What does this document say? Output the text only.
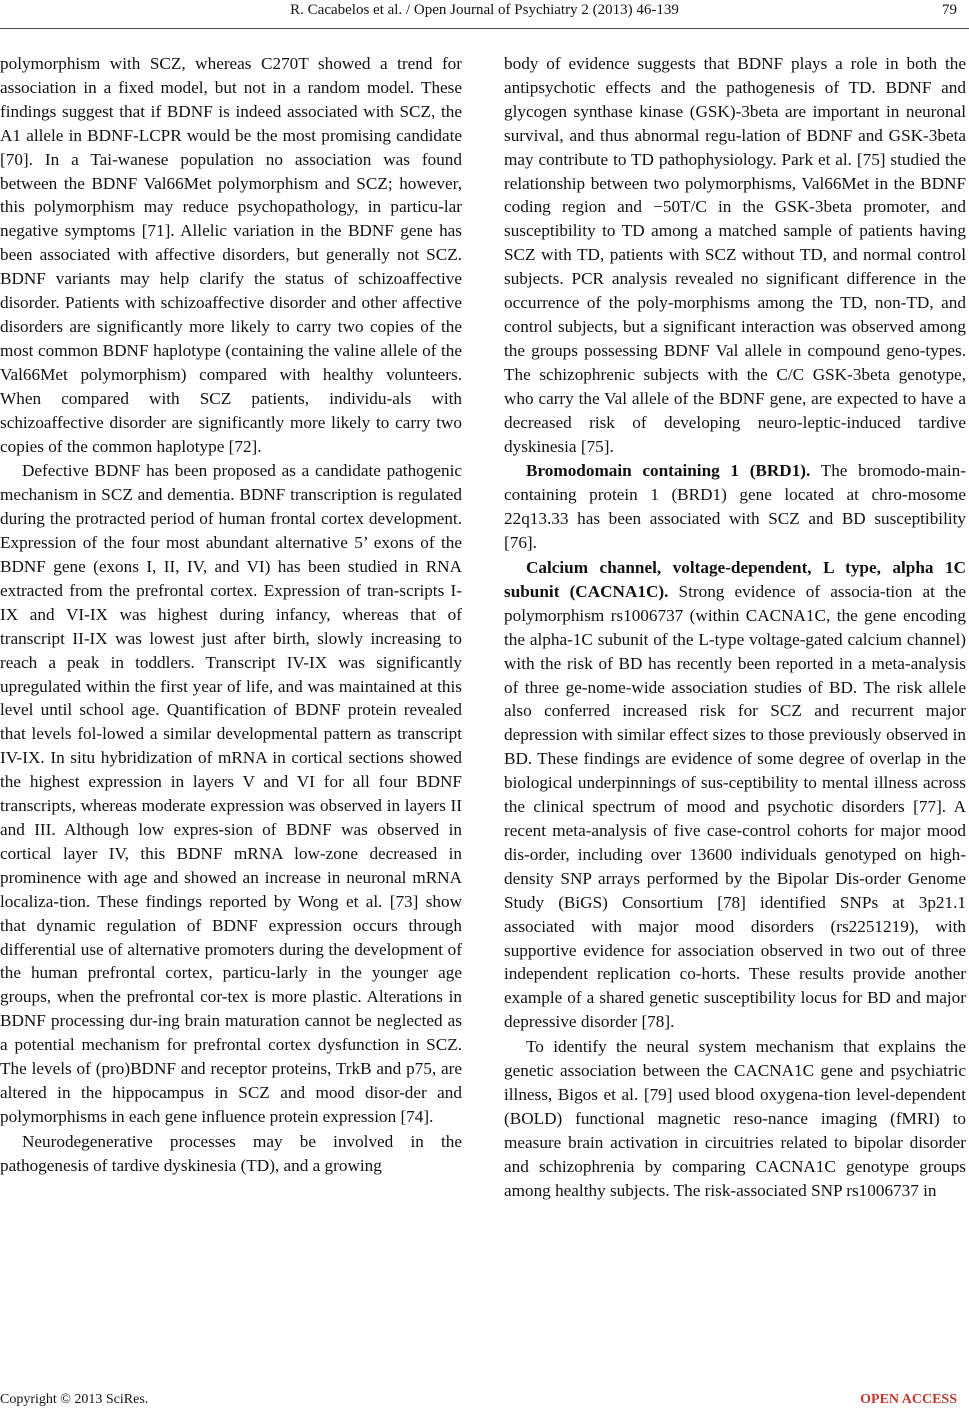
R. Cacabelos et al. / Open Journal of Psychiatry 2 (2013) 46-139	79

polymorphism with SCZ, whereas C270T showed a trend for association in a fixed model, but not in a random model. These findings suggest that if BDNF is indeed associated with SCZ, the A1 allele in BDNF-LCPR would be the most promising candidate [70]. In a Tai-wanese population no association was found between the BDNF Val66Met polymorphism and SCZ; however, this polymorphism may reduce psychopathology, in particu-lar negative symptoms [71]. Allelic variation in the BDNF gene has been associated with affective disorders, but generally not SCZ. BDNF variants may help clarify the status of schizoaffective disorder. Patients with schizoaffective disorder and other affective disorders are significantly more likely to carry two copies of the most common BDNF haplotype (containing the valine allele of the Val66Met polymorphism) compared with healthy volunteers. When compared with SCZ patients, individu-als with schizoaffective disorder are significantly more likely to carry two copies of the common haplotype [72].

Defective BDNF has been proposed as a candidate pathogenic mechanism in SCZ and dementia. BDNF transcription is regulated during the protracted period of human frontal cortex development. Expression of the four most abundant alternative 5’ exons of the BDNF gene (exons I, II, IV, and VI) has been studied in RNA extracted from the prefrontal cortex. Expression of tran-scripts I-IX and VI-IX was highest during infancy, whereas that of transcript II-IX was lowest just after birth, slowly increasing to reach a peak in toddlers. Transcript IV-IX was significantly upregulated within the first year of life, and was maintained at this level until school age. Quantification of BDNF protein revealed that levels fol-lowed a similar developmental pattern as transcript IV-IX. In situ hybridization of mRNA in cortical sections showed the highest expression in layers V and VI for all four BDNF transcripts, whereas moderate expression was observed in layers II and III. Although low expres-sion of BDNF was observed in cortical layer IV, this BDNF mRNA low-zone decreased in prominence with age and showed an increase in neuronal mRNA localiza-tion. These findings reported by Wong et al. [73] show that dynamic regulation of BDNF expression occurs through differential use of alternative promoters during the development of the human prefrontal cortex, particu-larly in the younger age groups, when the prefrontal cor-tex is more plastic. Alterations in BDNF processing dur-ing brain maturation cannot be neglected as a potential mechanism for prefrontal cortex dysfunction in SCZ. The levels of (pro)BDNF and receptor proteins, TrkB and p75, are altered in the hippocampus in SCZ and mood disor-der and polymorphisms in each gene influence protein expression [74].

Neurodegenerative processes may be involved in the pathogenesis of tardive dyskinesia (TD), and a growing

body of evidence suggests that BDNF plays a role in both the antipsychotic effects and the pathogenesis of TD. BDNF and glycogen synthase kinase (GSK)-3beta are important in neuronal survival, and thus abnormal regu-lation of BDNF and GSK-3beta may contribute to TD pathophysiology. Park et al. [75] studied the relationship between two polymorphisms, Val66Met in the BDNF coding region and −50T/C in the GSK-3beta promoter, and susceptibility to TD among a matched sample of patients having SCZ with TD, patients with SCZ without TD, and normal control subjects. PCR analysis revealed no significant difference in the occurrence of the poly-morphisms among the TD, non-TD, and control subjects, but a significant interaction was observed among the groups possessing BDNF Val allele in compound geno-types. The schizophrenic subjects with the C/C GSK-3beta genotype, who carry the Val allele of the BDNF gene, are expected to have a decreased risk of developing neuro-leptic-induced tardive dyskinesia [75].

Bromodomain containing 1 (BRD1). The bromodo-main-containing protein 1 (BRD1) gene located at chro-mosome 22q13.33 has been associated with SCZ and BD susceptibility [76].

Calcium channel, voltage-dependent, L type, alpha 1C subunit (CACNA1C). Strong evidence of associa-tion at the polymorphism rs1006737 (within CACNA1C, the gene encoding the alpha-1C subunit of the L-type voltage-gated calcium channel) with the risk of BD has recently been reported in a meta-analysis of three ge-nome-wide association studies of BD. The risk allele also conferred increased risk for SCZ and recurrent major depression with similar effect sizes to those previously observed in BD. These findings are evidence of some degree of overlap in the biological underpinnings of sus-ceptibility to mental illness across the clinical spectrum of mood and psychotic disorders [77]. A recent meta-analysis of five case-control cohorts for major mood dis-order, including over 13600 individuals genotyped on high-density SNP arrays performed by the Bipolar Dis-order Genome Study (BiGS) Consortium [78] identified SNPs at 3p21.1 associated with major mood disorders (rs2251219), with supportive evidence for association observed in two out of three independent replication co-horts. These results provide another example of a shared genetic susceptibility locus for BD and major depressive disorder [78].

To identify the neural system mechanism that explains the genetic association between the CACNA1C gene and psychiatric illness, Bigos et al. [79] used blood oxygena-tion level-dependent (BOLD) functional magnetic reso-nance imaging (fMRI) to measure brain activation in circuitries related to bipolar disorder and schizophrenia by comparing CACNA1C genotype groups among healthy subjects. The risk-associated SNP rs1006737 in

Copyright © 2013 SciRes.	OPEN ACCESS
